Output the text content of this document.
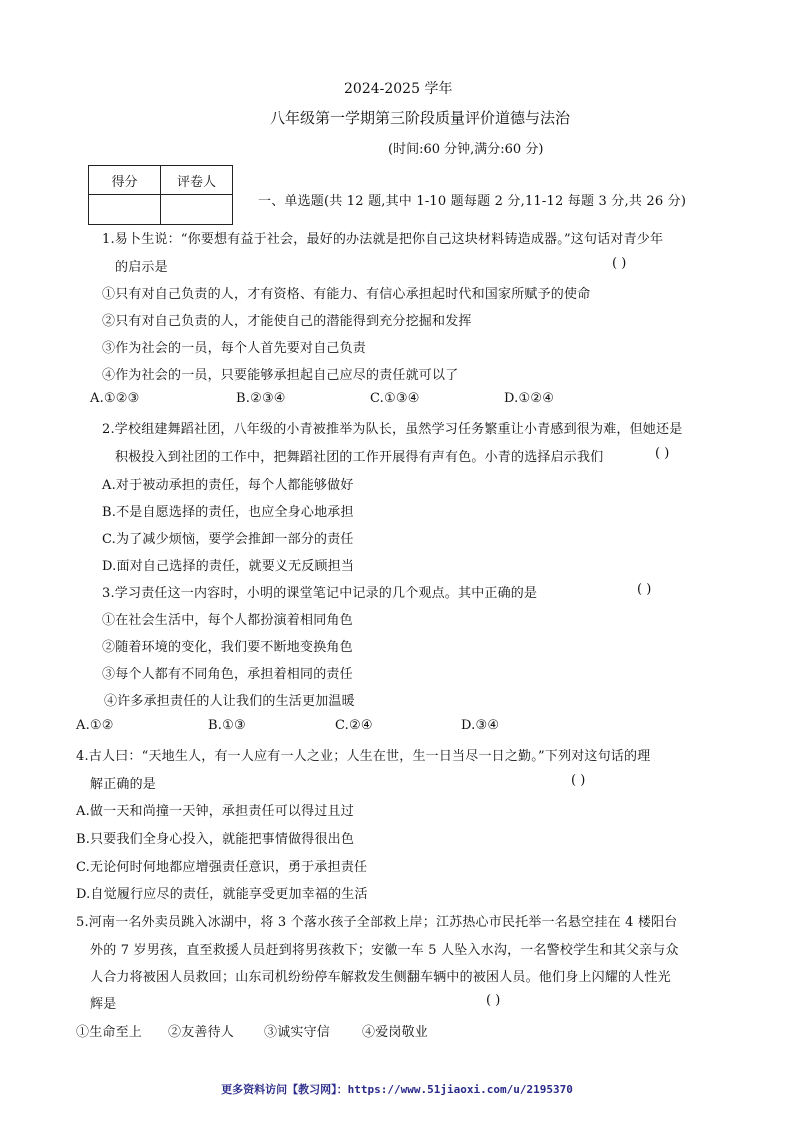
2024-2025 学年
八年级第一学期第三阶段质量评价道德与法治
(时间:60 分钟,满分:60 分)
得分	评卷人

一、单选题(共 12 题,其中 1-10 题每题 2 分,11-12 每题 3 分,共 26 分)
1.易卜生说：“你要想有益于社会，最好的办法就是把你自己这块材料铸造成器。”这句话对青少年
的启示是	( )
①只有对自己负责的人，才有资格、有能力、有信心承担起时代和国家所赋予的使命
②只有对自己负责的人，才能使自己的潜能得到充分挖掘和发挥
③作为社会的一员，每个人首先要对自己负责
④作为社会的一员，只要能够承担起自己应尽的责任就可以了
A.①②③	B.②③④	C.①③④	D.①②④
2.学校组建舞蹈社团，八年级的小青被推举为队长，虽然学习任务繁重让小青感到很为难，但她还是
积极投入到社团的工作中，把舞蹈社团的工作开展得有声有色。小青的选择启示我们	( )
A.对于被动承担的责任，每个人都能够做好
B.不是自愿选择的责任，也应全身心地承担
C.为了减少烦恼，要学会推卸一部分的责任
D.面对自己选择的责任，就要义无反顾担当
3.学习责任这一内容时，小明的课堂笔记中记录的几个观点。其中正确的是	( )
①在社会生活中，每个人都扮演着相同角色
②随着环境的变化，我们要不断地变换角色
③每个人都有不同角色，承担着相同的责任
④许多承担责任的人让我们的生活更加温暖
A.①②	B.①③	C.②④	D.③④
4.古人曰：“天地生人，有一人应有一人之业；人生在世，生一日当尽一日之勤。”下列对这句话的理
解正确的是	( )
A.做一天和尚撞一天钟，承担责任可以得过且过
B.只要我们全身心投入，就能把事情做得很出色
C.无论何时何地都应增强责任意识，勇于承担责任
D.自觉履行应尽的责任，就能享受更加幸福的生活
5.河南一名外卖员跳入冰湖中，将 3 个落水孩子全部救上岸；江苏热心市民托举一名悬空挂在 4 楼阳台
外的 7 岁男孩，直至救援人员赶到将男孩救下；安徽一车 5 人坠入水沟，一名警校学生和其父亲与众
人合力将被困人员救回；山东司机纷纷停车解救发生侧翻车辆中的被困人员。他们身上闪耀的人性光
辉是	( )
①生命至上 ②友善待人 ③诚实守信 ④爱岗敬业
更多资料访问【教习网】：https://www.51jiaoxi.com/u/2195370
